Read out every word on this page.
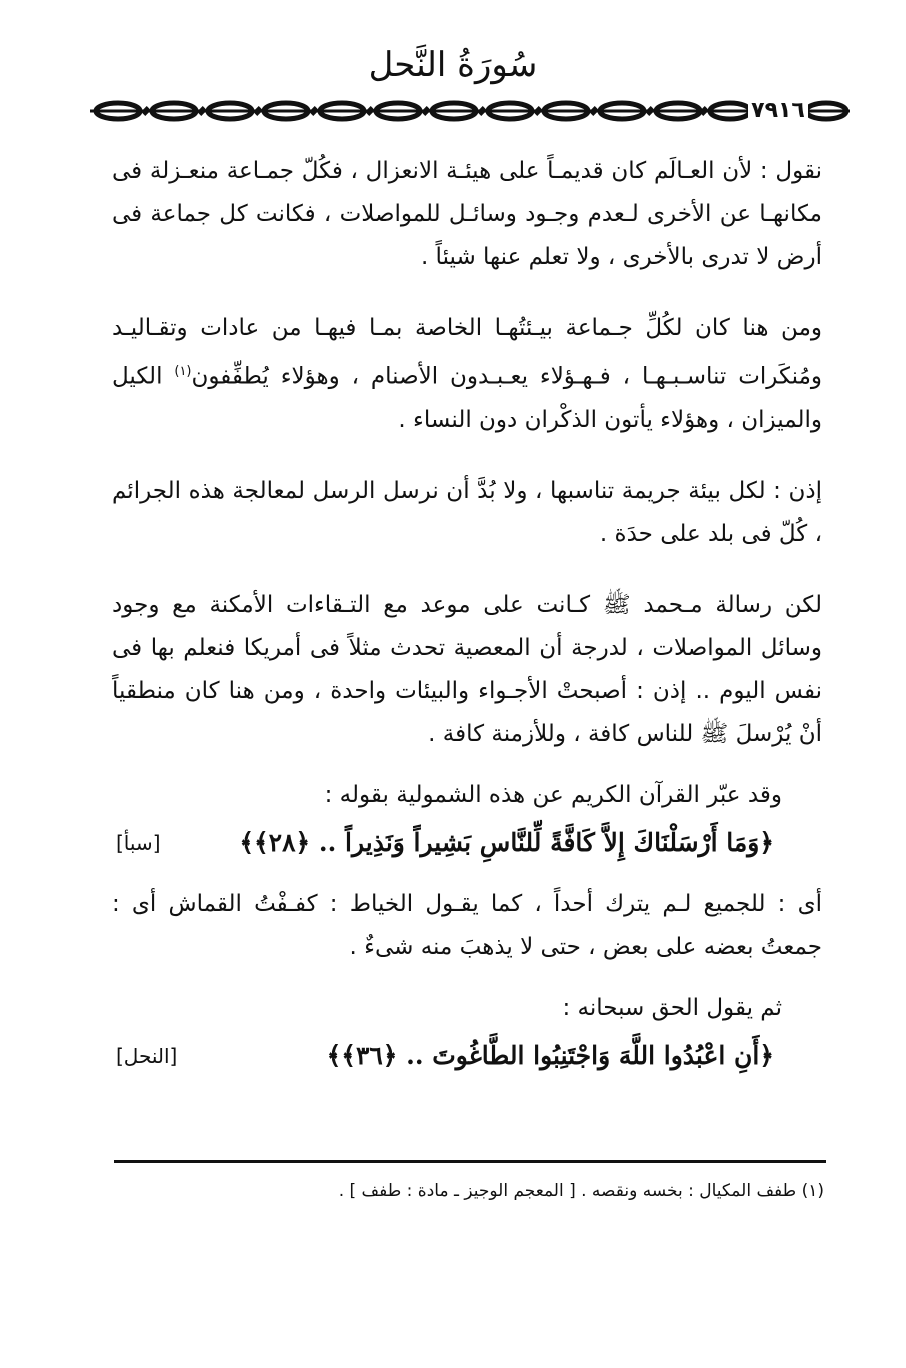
سُورَةُ النَّحل
٧٩١٦

نقول : لأن العـالَم كان قديمـاً على هيئـة الانعزال ، فكُلّ جمـاعة منعـزلة فى مكانهـا عن الأخرى لـعدم وجـود وسائـل للمواصلات ، فكانت كل جماعة فى أرض لا تدرى بالأخرى ، ولا تعلم عنها شيئاً .

ومن هنا كان لكُلِّ جـماعة بيـئتُهـا الخاصة بمـا فيهـا من عادات وتقـاليـد ومُنكَرات تناسـبـهـا ، فـهـؤلاء يعـبـدون الأصنام ، وهؤلاء يُطفِّفون$^{(١)}$ الكيل والميزان ، وهؤلاء يأتون الذكْران دون النساء .

إذن : لكل بيئة جريمة تناسبها ، ولا بُدَّ أن نرسل الرسل لمعالجة هذه الجرائم ، كُلّ فى بلد على حدَة .

لكن رسالة مـحمد ﷺ كـانت على موعد مع التـقاءات الأمكنة مع وجود وسائل المواصلات ، لدرجة أن المعصية تحدث مثلاً فى أمريكا فنعلم بها فى نفس اليوم .. إذن : أصبحتْ الأجـواء والبيئات واحدة ، ومن هنا كان منطقياً أنْ يُرْسلَ ﷺ للناس كافة ، وللأزمنة كافة .

وقد عبّر القرآن الكريم عن هذه الشمولية بقوله :

﴿وَمَا أَرْسَلْنَاكَ إِلاَّ كَافَّةً لِّلنَّاسِ بَشِيراً وَنَذِيراً .. ﴿٢٨﴾﴾
[سبأ]

أى : للجميع لـم يترك أحداً ، كما يقـول الخياط : كفـفْتُ القماش أى : جمعتُ بعضه على بعض ، حتى لا يذهبَ منه شىءٌ .

ثم يقول الحق سبحانه :

﴿أَنِ اعْبُدُوا اللَّهَ وَاجْتَنِبُوا الطَّاغُوتَ .. ﴿٣٦﴾﴾
[النحل]
(١) طفف المكيال : بخسه ونقصه . [ المعجم الوجيز ـ مادة : طفف ] .
